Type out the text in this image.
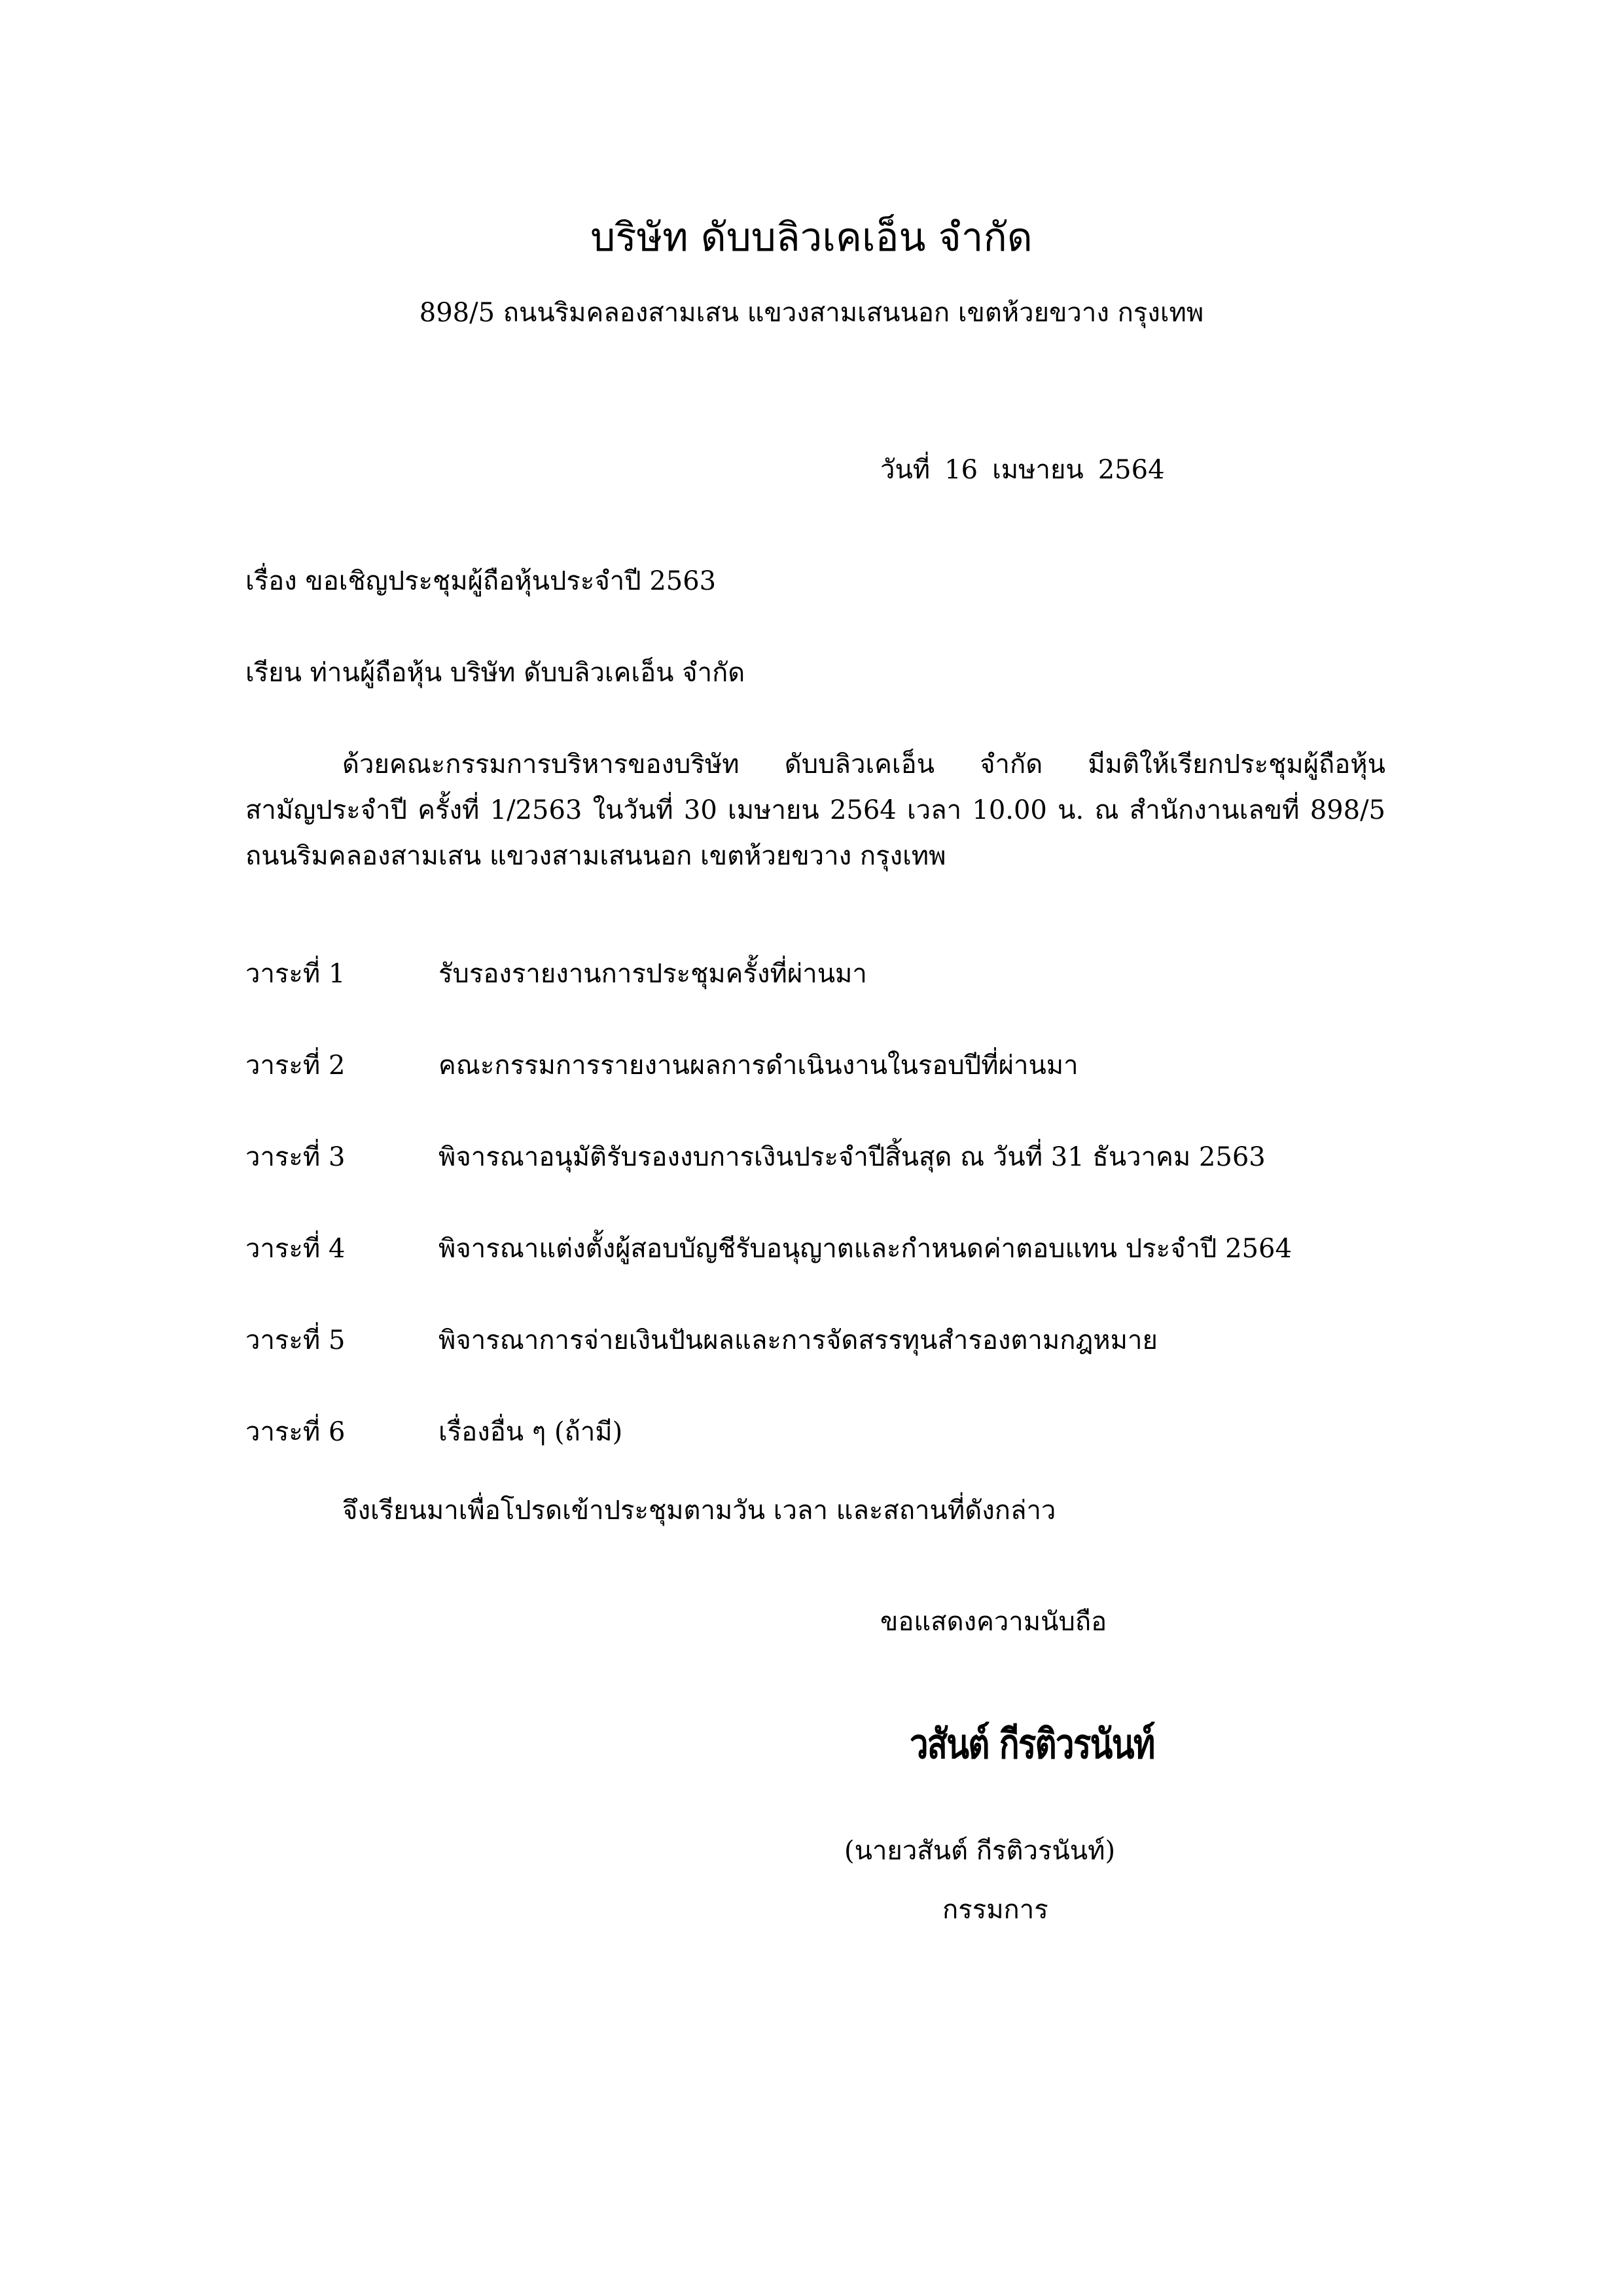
บริษัท ดับบลิวเคเอ็น จำกัด
898/5 ถนนริมคลองสามเสน แขวงสามเสนนอก เขตห้วยขวาง กรุงเทพ
วันที่ 16 เมษายน 2564
เรื่อง ขอเชิญประชุมผู้ถือหุ้นประจำปี 2563
เรียน ท่านผู้ถือหุ้น บริษัท ดับบลิวเคเอ็น จำกัด
ด้วยคณะกรรมการบริหารของบริษัท ดับบลิวเคเอ็น จำกัด มีมติให้เรียกประชุมผู้ถือหุ้น
สามัญประจำปี ครั้งที่ 1/2563 ในวันที่ 30 เมษายน 2564 เวลา 10.00 น. ณ สำนักงานเลขที่ 898/5
ถนนริมคลองสามเสน แขวงสามเสนนอก เขตห้วยขวาง กรุงเทพ
วาระที่ 1	รับรองรายงานการประชุมครั้งที่ผ่านมา
วาระที่ 2	คณะกรรมการรายงานผลการดำเนินงานในรอบปีที่ผ่านมา
วาระที่ 3	พิจารณาอนุมัติรับรองงบการเงินประจำปีสิ้นสุด ณ วันที่ 31 ธันวาคม 2563
วาระที่ 4	พิจารณาแต่งตั้งผู้สอบบัญชีรับอนุญาตและกำหนดค่าตอบแทน ประจำปี 2564
วาระที่ 5	พิจารณาการจ่ายเงินปันผลและการจัดสรรทุนสำรองตามกฎหมาย
วาระที่ 6	เรื่องอื่น ๆ (ถ้ามี)
จึงเรียนมาเพื่อโปรดเข้าประชุมตามวัน เวลา และสถานที่ดังกล่าว
ขอแสดงความนับถือ
วสันต์ กีรติวรนันท์
(นายวสันต์ กีรติวรนันท์)
กรรมการ
